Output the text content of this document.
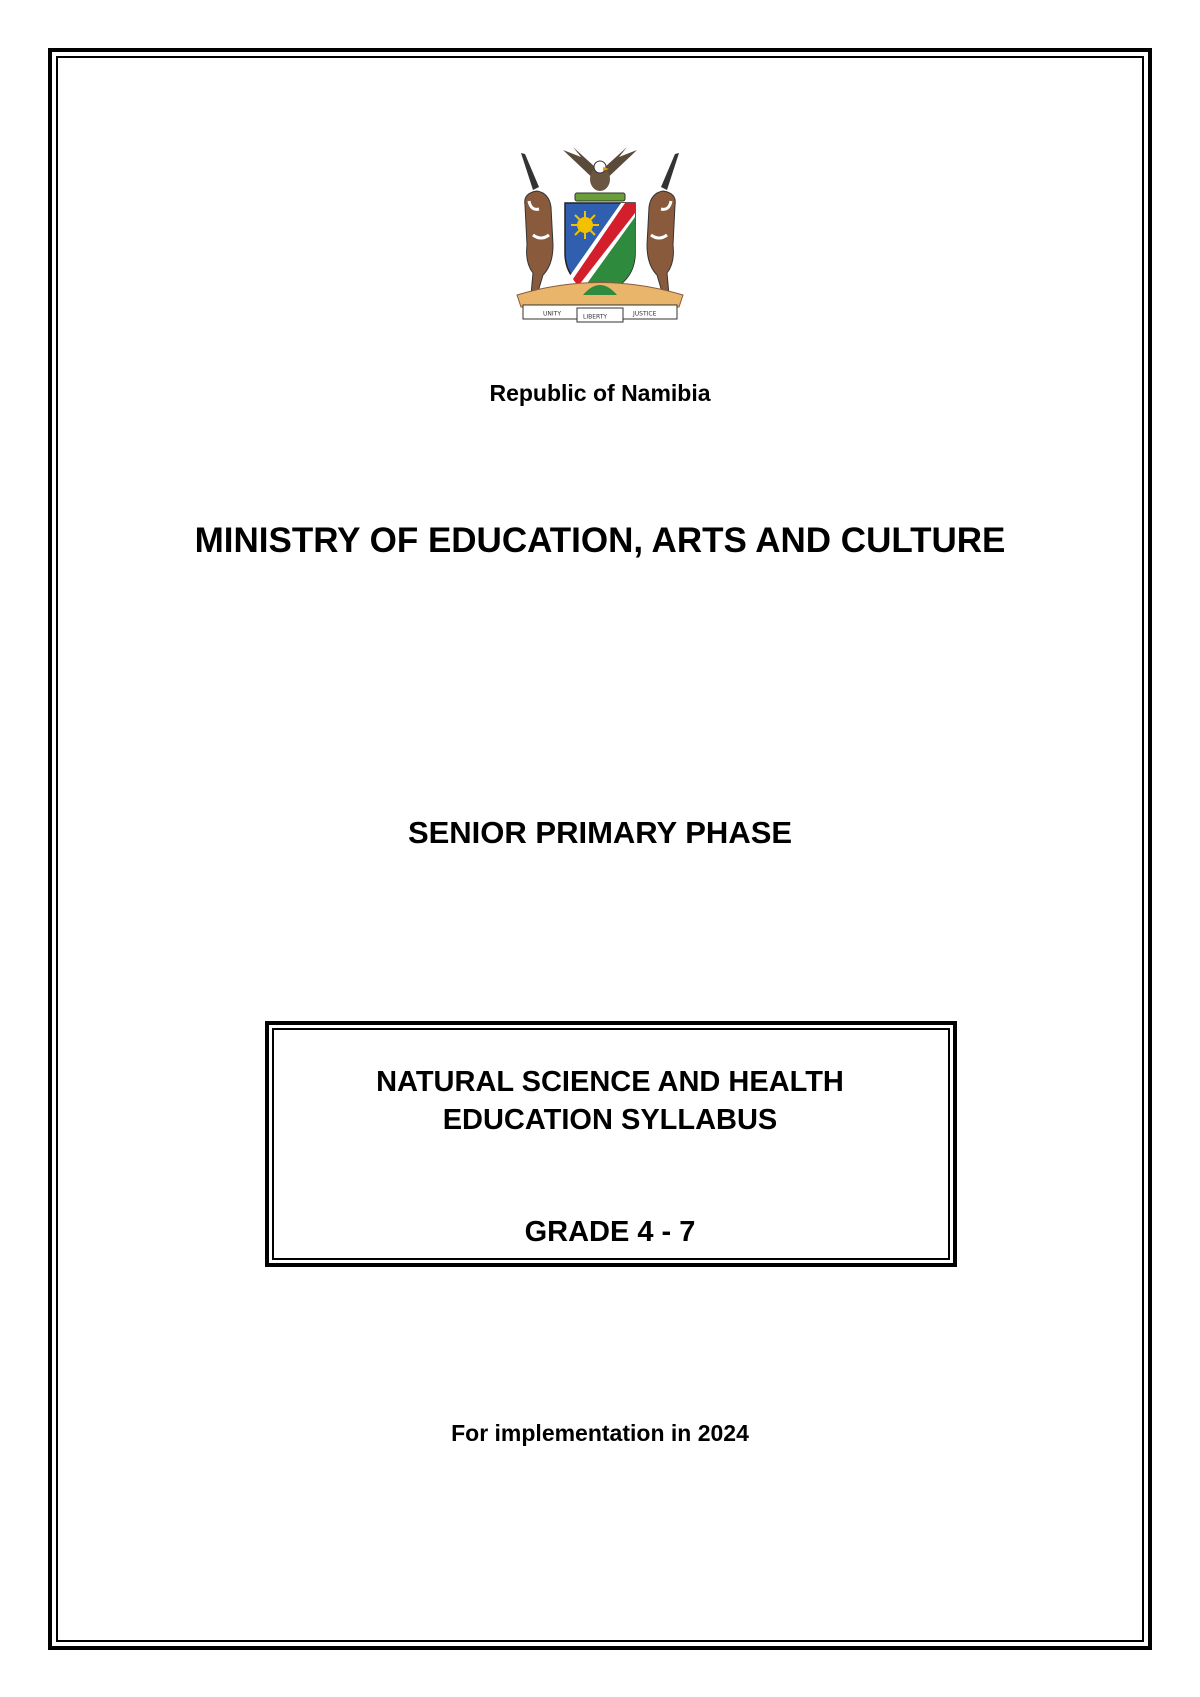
UNITY	LIBERTY	JUSTICE
Republic of Namibia
MINISTRY OF EDUCATION, ARTS AND CULTURE
SENIOR PRIMARY PHASE
NATURAL SCIENCE AND HEALTH
EDUCATION SYLLABUS
GRADE 4 - 7
For implementation in 2024
